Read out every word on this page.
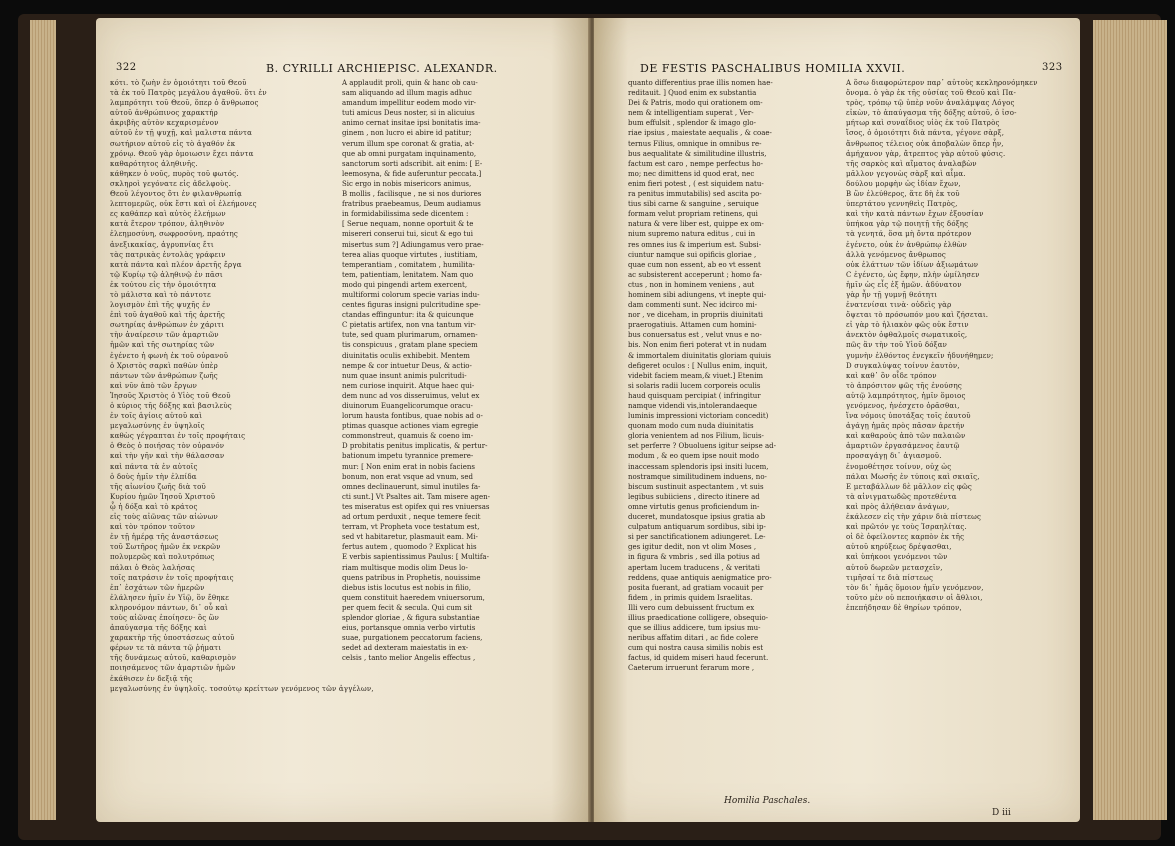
322	B. CYRILLI ARCHIEPISC. ALEXANDR.
κότι. τὸ ζωὴν ἐν ὁμοιότητι τοῦ Θεοῦ
τὰ ἐκ τοῦ Πατρὸς μεγάλου ἀγαθοῦ. ὅτι ἐν
λαμπρότητι τοῦ Θεοῦ, ὅπερ ὁ ἄνθρωπος
αὐτοῦ ἀνθρώπινος χαρακτήρ
ἀκριβὴς αὐτὸν κεχαρισμένον
αὐτοῦ ἐν τῇ ψυχῇ, καὶ μαλιστα πάντα
σωτήριον αὐτοῦ εἰς τὸ ἀγαθόν ἐκ
χρόνῳ. Θεοῦ γὰρ ὁμοιωσιν ἔχει πάντα
καθαρότητος ἀληθινῆς.
κάθηκεν ὁ νοῦς, πυρὸς τοῦ φωτός.
σκληροὶ γεγόνατε εἰς ἀδελφοὺς.
Θεοῦ λέγοντος ὅτι ἐν φιλανθρωπίᾳ
λεπτομερῶς, οὐκ ἔστι καὶ οἱ ἐλεήμονες
ες καθάπερ καὶ αὐτὸς ἐλεήμων
κατὰ ἕτερον τρόπον, ἀληθινὸν
ἐλεημοσύνη, σωφροσύνη, πραότης
ἀνεξικακίας, ἀγρυπνίας ἔτι
τὰς πατρικὰς ἐντολὰς γράφειν
κατὰ πάντα καὶ πλέον ἀρετῆς ἔργα
τῷ Κυρίῳ τῷ ἀληθινῷ ἐν πᾶσι
ἐκ τούτου εἰς τὴν ὁμοιότητα
τὸ μάλιστα καὶ τὸ πάντοτε
λογισμὸν ἐπὶ τῆς ψυχῆς ἐν
ἐπὶ τοῦ ἀγαθοῦ καὶ τῆς ἀρετῆς
σωτηρίας ἀνθρώπων ἐν χάριτι
τὴν ἀναίρεσιν τῶν ἁμαρτιῶν
ἡμῶν καὶ τῆς σωτηρίας τῶν
ἐγένετο ἡ φωνὴ ἐκ τοῦ οὐρανοῦ
ὁ Χριστὸς σαρκὶ παθὼν ὑπὲρ
πάντων τῶν ἀνθρώπων ζωῆς
καὶ νῦν ἀπὸ τῶν ἔργων
Ἰησοῦς Χριστὸς ὁ Υἱὸς τοῦ Θεοῦ
ὁ κύριος τῆς δόξης καὶ βασιλεὺς
ἐν τοῖς ἁγίοις αὐτοῦ καὶ
μεγαλωσύνης ἐν ὑψηλοῖς
καθὼς γέγραπται ἐν τοῖς προφήταις
ὁ Θεὸς ὁ ποιήσας τὸν οὐρανόν
καὶ τὴν γῆν καὶ τὴν θάλασσαν
καὶ πάντα τὰ ἐν αὐτοῖς
ὁ δοὺς ἡμῖν τὴν ἐλπίδα
τῆς αἰωνίου ζωῆς διὰ τοῦ
Κυρίου ἡμῶν Ἰησοῦ Χριστοῦ
ᾧ ἡ δόξα καὶ τὸ κράτος
εἰς τοὺς αἰῶνας τῶν αἰώνων
καὶ τὸν τρόπον τοῦτον
ἐν τῇ ἡμέρᾳ τῆς ἀναστάσεως
τοῦ Σωτῆρος ἡμῶν ἐκ νεκρῶν
πολυμερῶς καὶ πολυτρόπως
πάλαι ὁ Θεὸς λαλήσας
τοῖς πατράσιν ἐν τοῖς προφήταις
ἐπ᾽ ἐσχάτων τῶν ἡμερῶν
ἐλάλησεν ἡμῖν ἐν Υἱῷ, ὃν ἔθηκε
κληρονόμον πάντων, δι᾽ οὗ καὶ
τοὺς αἰῶνας ἐποίησεν· ὃς ὢν
ἀπαύγασμα τῆς δόξης καὶ
χαρακτὴρ τῆς ὑποστάσεως αὐτοῦ
φέρων τε τὰ πάντα τῷ ῥήματι
τῆς δυνάμεως αὐτοῦ, καθαρισμὸν
ποιησάμενος τῶν ἁμαρτιῶν ἡμῶν
ἐκάθισεν ἐν δεξιᾷ τῆς
μεγαλωσύνης ἐν ὑψηλοῖς. τοσούτῳ κρείττων γενόμενος τῶν ἀγγέλων,
A applaudit proli, quin & hanc ob cau-
sam aliquando ad illum magis adhuc
amandum impellitur eodem modo vir-
tuti amicus Deus noster, si in alicuius
animo cernat insitae ipsi bonitatis ima-
ginem , non lucro ei abire id patitur;
verum illum spe coronat & gratia, at-
que ab omni purgatam inquinamento,
sanctorum sorti adscribit. ait enim: [ E-
leemosyna, & fide auferuntur peccata.]
Sic ergo in nobis misericors animus,
B mollis , facilisque , ne si nos duriores
fratribus praebeamus, Deum audiamus
in formidabilissima sede dicentem :
[ Serue nequam, nonne oportuit & te
misereri conserui tui, sicut & ego tui
misertus sum ?] Adiungamus vero prae-
terea alias quoque virtutes , iustitiam,
temperantiam , comitatem , humilita-
tem, patientiam, lenitatem. Nam quo
modo qui pingendi artem exercent,
multiformi colorum specie varias indu-
centes figuras insigni pulcritudine spe-
ctandas effinguntur: ita & quicunque
C pietatis artifex, non vna tantum vir-
tute, sed quam plurimarum, ornamen-
tis conspicuus , gratam plane speciem
diuinitatis oculis exhibebit. Mentem
nempe & cor intuetur Deus, & actio-
num quae insunt animis pulcritudi-
nem curiose inquirit. Atque haec qui-
dem nunc ad vos disseruimus, velut ex
diuinorum Euangelicorumque oracu-
lorum hausta fontibus, quae nobis ad o-
ptimas quasque actiones viam egregie
commonstreut, quamuis & coeno im-
D probitatis penitus implicatis, & pertur-
bationum impetu tyrannice premere-
mur: [ Non enim erat in nobis faciens
bonum, non erat vsque ad vnum, sed
omnes declinauerunt, simul inutiles fa-
cti sunt.] Vt Psaltes ait. Tam misere agen-
tes miseratus est opifex qui res vniuersas
ad ortum perduxit , neque temere fecit
terram, vt Propheta voce testatum est,
sed vt habitaretur, plasmauit eam. Mi-
fertus autem , quomodo ? Explicat his
E verbis sapientissimus Paulus: [ Multifa-
riam multisque modis olim Deus lo-
quens patribus in Prophetis, nouissime
diebus istis locutus est nobis in filio,
quem constituit haeredem vniuersorum,
per quem fecit & secula. Qui cum sit
splendor gloriae , & figura substantiae
eius, portansque omnia verbo virtutis
suae, purgationem peccatorum faciens,
sedet ad dexteram maiestatis in ex-
celsis , tanto melior Angelis effectus ,
DE FESTIS PASCHALIBUS HOMILIA XXVII.	323
quanto differentius prae illis nomen hae-
reditauit. ] Quod enim ex substantia
Dei & Patris, modo qui orationem om-
nem & intelligentiam superat , Ver-
bum effulsit , splendor & imago glo-
riae ipsius , maiestate aequalis , & coae-
ternus Filius, omnique in omnibus re-
bus aequalitate & similitudine illustris,
factum est caro , nempe perfectus ho-
mo; nec dimittens id quod erat, nec
enim fieri potest , ( est siquidem natu-
ra penitus immutabilis) sed ascita po-
tius sibi carne & sanguine , seruique
formam velut propriam retinens, qui
natura & vere liber est, quippe ex om-
nium supremo natura editus , cui in
res omnes ius & imperium est. Subsi-
ciuntur namque sui opificis gloriae ,
quae cum non essent, ab eo vt essent
ac subsisterent acceperunt ; homo fa-
ctus , non in hominem veniens , aut
hominem sibi adiungens, vt inepte qui-
dam commenti sunt. Nec idcirco mi-
nor , ve diceham, in propriis diuinitati
praerogatiuis. Attamen cum homini-
bus conuersatus est , velut vnus e no-
bis. Non enim fieri poterat vt in nudam
& immortalem diuinitatis gloriam quiuis
defigeret oculos : [ Nullus enim, inquit,
videbit faciem meam,& viuet.] Etenim
si solaris radii lucem corporeis oculis
haud quisquam percipiat ( infringitur
namque videndi vis,intolerandaeque
luminis impressioni victoriam concedit)
quonam modo cum nuda diuinitatis
gloria venientem ad nos Filium, licuis-
set perferre ? Obuoluens igitur seipse ad-
modum , & eo quem ipse nouit modo
inaccessam splendoris ipsi insiti lucem,
nostramque similitudinem induens, no-
biscum sustinuit aspectantem , vt suis
legibus subiiciens , directo itinere ad
omne virtutis genus proficiendum in-
duceret, mundatosque ipsius gratia ab
culpatum antiquarum sordibus, sibi ip-
si per sanctificationem adiungeret. Le-
ges igitur dedit, non vt olim Moses ,
in figura & vmbris , sed illa potius ad
apertam lucem traducens , & veritati
reddens, quae antiquis aenigmatice pro-
posita fuerant, ad gratiam vocauit per
fidem , in primis quidem Israelitas.
Illi vero cum debuissent fructum ex
illius praedicatione colligere, obsequio-
que se illius addicere, tum ipsius mu-
neribus affatim ditari , ac fide colere
cum qui nostra causa similis nobis est
factus, id quidem miseri haud fecerunt.
Caeterum irruerunt ferarum more ,
A ὅσω διαφορώτερον παρ᾽ αὐτοὺς κεκληρονόμηκεν
ὄνομα. ὁ γὰρ ἐκ τῆς οὐσίας τοῦ Θεοῦ καὶ Πα-
τρὸς, τρόπῳ τῷ ὑπὲρ νοῦν ἀναλάμψας Λόγος
εἰκὼν, τὸ ἀπαύγασμα τῆς δόξης αὐτοῦ, ὁ ἰσο-
μήτωρ καὶ συναΐδιος υἱὸς ἐκ τοῦ Πατρὸς
ἴσος, ὁ ὁμοιότητι διὰ πάντα, γέγονε σὰρξ,
ἄνθρωπος τέλειος οὐκ ἀποβαλὼν ὅπερ ἦν,
ἀμήχανον γὰρ, ἄτρεπτος γὰρ αὐτοῦ φύσις.
τῆς σαρκὸς καὶ αἵματος ἀναλαβὼν
μᾶλλον γεγονὼς σὰρξ καὶ αἷμα.
δούλου μορφὴν ὡς ἰδίαν ἔχων,
B ὢν ἐλεύθερος, ἅτε δὴ ἐκ τοῦ
ὑπερτάτου γεννηθεὶς Πατρὸς,
καὶ τὴν κατὰ πάντων ἔχων ἐξουσίαν
ὑπήκοα γὰρ τῷ ποιητῇ τῆς δόξης
τὰ γενητά, ὅσα μὴ ὄντα πρότερον
ἐγένετο, οὐκ ἐν ἀνθρώπῳ ἐλθὼν
ἀλλὰ γενόμενος ἄνθρωπος
οὐκ ἐλάττων τῶν ἰδίων ἀξιωμάτων
C ἐγένετο, ὡς ἔφην, πλὴν ὡμίλησεν
ἡμῖν ὡς εἷς ἐξ ἡμῶν. ἀδύνατον
γὰρ ἦν τῇ γυμνῇ θεότητι
ἐνατενίσαι τινὰ· οὐδεὶς γὰρ
ὄψεται τὸ πρόσωπόν μου καὶ ζήσεται.
εἰ γὰρ τὸ ἡλιακὸν φῶς οὐκ ἔστιν
ἀνεκτὸν ὀφθαλμοῖς σωματικοῖς,
πῶς ἂν τὴν τοῦ Υἱοῦ δόξαν
γυμνὴν ἐλθόντος ἐνεγκεῖν ἠδυνήθημεν;
D συγκαλύψας τοίνυν ἑαυτὸν,
καὶ καθ᾽ ὃν οἶδε τρόπον
τὸ ἀπρόσιτον φῶς τῆς ἐνούσης
αὐτῷ λαμπρότητος, ἡμῖν ὅμοιος
γενόμενος, ἠνέσχετο ὁρᾶσθαι,
ἵνα νόμοις ὑποτάξας τοῖς ἑαυτοῦ
ἀγάγῃ ἡμᾶς πρὸς πᾶσαν ἀρετήν
καὶ καθαροὺς ἀπὸ τῶν παλαιῶν
ἁμαρτιῶν ἐργασάμενος ἑαυτῷ
προσαγάγῃ δι᾽ ἁγιασμοῦ.
ἐνομοθέτησε τοίνυν, οὐχ ὡς
πάλαι Μωσῆς ἐν τύποις καὶ σκιαῖς,
E μεταβάλλων δὲ μᾶλλον εἰς φῶς
τὰ αἰνιγματωδῶς προτεθέντα
καὶ πρὸς ἀλήθειαν ἀνάγων,
ἐκάλεσεν εἰς τὴν χάριν διὰ πίστεως
καὶ πρῶτόν γε τοὺς Ἰσραηλίτας.
οἱ δὲ ὀφείλοντες καρπὸν ἐκ τῆς
αὐτοῦ κηρύξεως δρέψασθαι,
καὶ ὑπήκοοι γενόμενοι τῶν
αὐτοῦ δωρεῶν μετασχεῖν,
τιμῆσαί τε διὰ πίστεως
τὸν δι᾽ ἡμᾶς ὅμοιον ἡμῖν γενόμενον,
τοῦτο μὲν οὐ πεποιήκασιν οἱ ἄθλιοι,
ἐπεπήδησαν δὲ θηρίων τρόπον,
Homilia Paschales.
D iii
